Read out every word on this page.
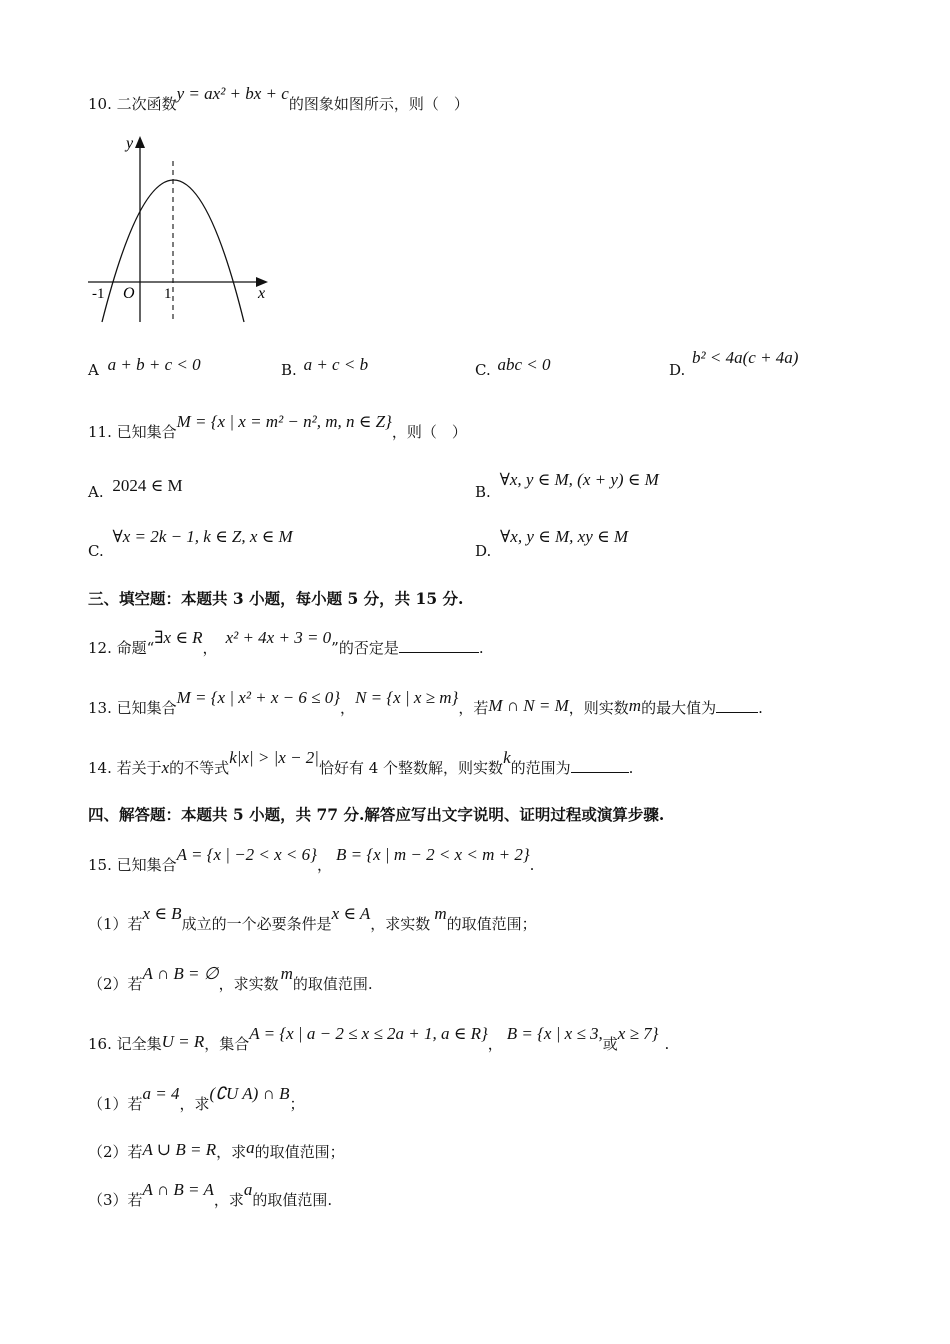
10. 二次函数y = ax² + bx + c的图象如图所示，则（　）
y
x
O
-1	1
A a + b + c < 0	B. a + c < b	C. abc < 0	D. b² < 4a(c + 4a)
11. 已知集合M = {x | x = m² − n², m, n ∈ Z}，则（　）
A. 2024 ∈ M	B. ∀x, y ∈ M, (x + y) ∈ M
C. ∀x = 2k − 1, k ∈ Z, x ∈ M
D. ∀x, y ∈ M, xy ∈ M
三、填空题：本题共 3 小题，每小题 5 分，共 15 分.
12. 命题“∃x ∈ R，x² + 4x + 3 = 0”的否定是	.
13. 已知集合M = {x | x² + x − 6 ≤ 0}，N = {x | x ≥ m}，若M ∩ N = M，则实数m的最大值为	.
14. 若关于x的不等式k|x| > |x − 2|恰好有 4 个整数解，则实数k的范围为	.
四、解答题：本题共 5 小题，共 77 分.解答应写出文字说明、证明过程或演算步骤.
15. 已知集合A = {x | −2 < x < 6}，B = {x | m − 2 < x < m + 2}.
（1）若x ∈ B成立的一个必要条件是x ∈ A，求实数m的取值范围；
（2）若A ∩ B = ∅，求实数m的取值范围.
16. 记全集U = R，集合A = {x | a − 2 ≤ x ≤ 2a + 1, a ∈ R}，B = {x | x ≤ 3,或x ≥ 7}.
（1）若a = 4，求(∁U A) ∩ B；
（2）若A ∪ B = R，求a的取值范围；
（3）若A ∩ B = A，求a的取值范围.
